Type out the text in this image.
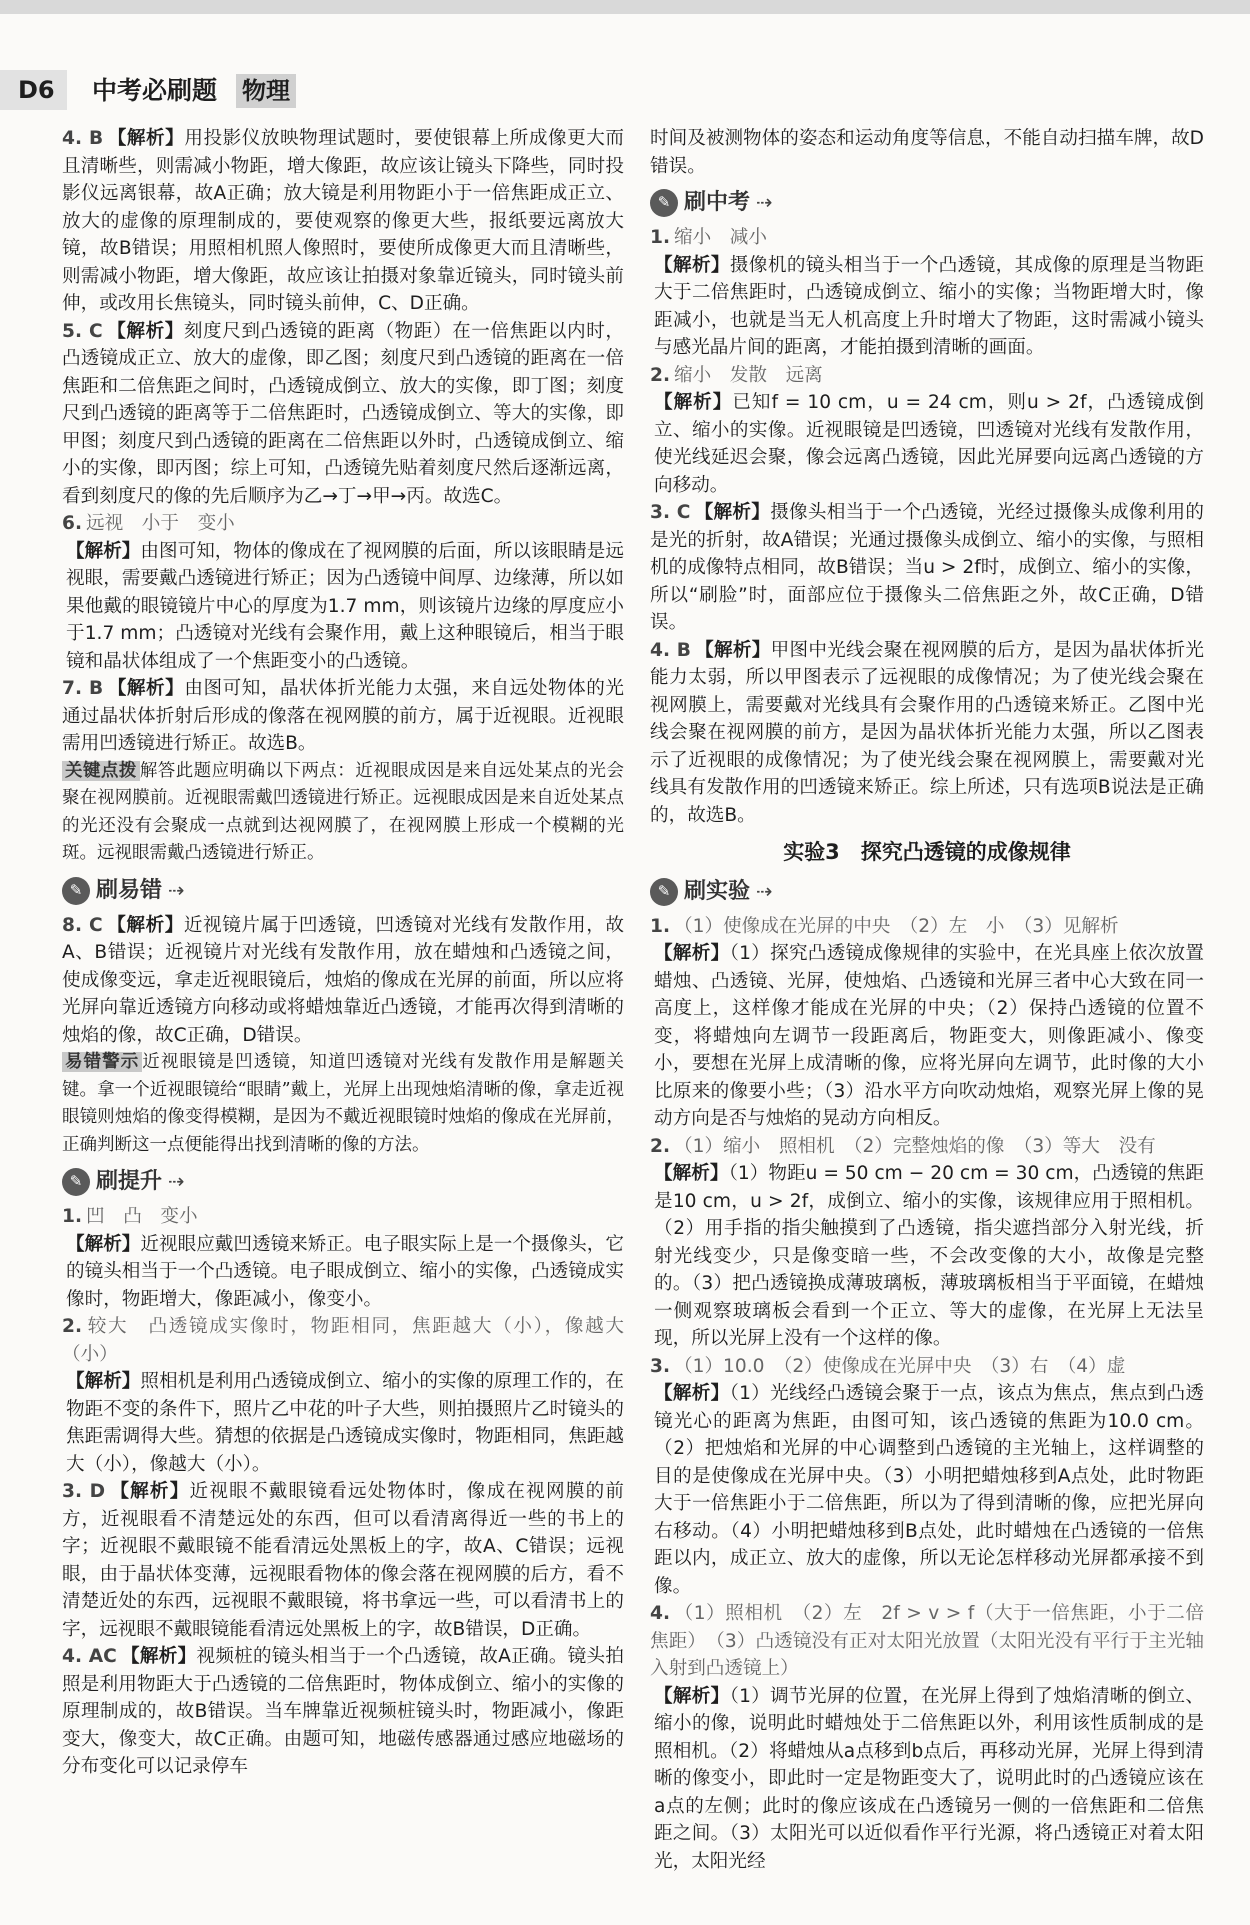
D6	中考必刷题 物理

4. B 【解析】用投影仪放映物理试题时，要使银幕上所成像更大而且清晰些，则需减小物距，增大像距，故应该让镜头下降些，同时投影仪远离银幕，故A正确；放大镜是利用物距小于一倍焦距成正立、放大的虚像的原理制成的，要使观察的像更大些，报纸要远离放大镜，故B错误；用照相机照人像照时，要使所成像更大而且清晰些，则需减小物距，增大像距，故应该让拍摄对象靠近镜头，同时镜头前伸，或改用长焦镜头，同时镜头前伸，C、D正确。

5. C 【解析】刻度尺到凸透镜的距离（物距）在一倍焦距以内时，凸透镜成正立、放大的虚像，即乙图；刻度尺到凸透镜的距离在一倍焦距和二倍焦距之间时，凸透镜成倒立、放大的实像，即丁图；刻度尺到凸透镜的距离等于二倍焦距时，凸透镜成倒立、等大的实像，即甲图；刻度尺到凸透镜的距离在二倍焦距以外时，凸透镜成倒立、缩小的实像，即丙图；综上可知，凸透镜先贴着刻度尺然后逐渐远离，看到刻度尺的像的先后顺序为乙→丁→甲→丙。故选C。

6. 远视　小于　变小

【解析】由图可知，物体的像成在了视网膜的后面，所以该眼睛是远视眼，需要戴凸透镜进行矫正；因为凸透镜中间厚、边缘薄，所以如果他戴的眼镜镜片中心的厚度为1.7 mm，则该镜片边缘的厚度应小于1.7 mm；凸透镜对光线有会聚作用，戴上这种眼镜后，相当于眼镜和晶状体组成了一个焦距变小的凸透镜。

7. B 【解析】由图可知，晶状体折光能力太强，来自远处物体的光通过晶状体折射后形成的像落在视网膜的前方，属于近视眼。近视眼需用凹透镜进行矫正。故选B。

关键点拨 解答此题应明确以下两点：近视眼成因是来自远处某点的光会聚在视网膜前。近视眼需戴凹透镜进行矫正。远视眼成因是来自近处某点的光还没有会聚成一点就到达视网膜了，在视网膜上形成一个模糊的光斑。远视眼需戴凸透镜进行矫正。

✎ 刷易错 ⇢

8. C 【解析】近视镜片属于凹透镜，凹透镜对光线有发散作用，故A、B错误；近视镜片对光线有发散作用，放在蜡烛和凸透镜之间，使成像变远，拿走近视眼镜后，烛焰的像成在光屏的前面，所以应将光屏向靠近透镜方向移动或将蜡烛靠近凸透镜，才能再次得到清晰的烛焰的像，故C正确，D错误。

易错警示 近视眼镜是凹透镜，知道凹透镜对光线有发散作用是解题关键。拿一个近视眼镜给“眼睛”戴上，光屏上出现烛焰清晰的像，拿走近视眼镜则烛焰的像变得模糊，是因为不戴近视眼镜时烛焰的像成在光屏前，正确判断这一点便能得出找到清晰的像的方法。

✎ 刷提升 ⇢

1. 凹　凸　变小

【解析】近视眼应戴凹透镜来矫正。电子眼实际上是一个摄像头，它的镜头相当于一个凸透镜。电子眼成倒立、缩小的实像，凸透镜成实像时，物距增大，像距减小，像变小。

2. 较大　凸透镜成实像时，物距相同，焦距越大（小），像越大（小）

【解析】照相机是利用凸透镜成倒立、缩小的实像的原理工作的，在物距不变的条件下，照片乙中花的叶子大些，则拍摄照片乙时镜头的焦距需调得大些。猜想的依据是凸透镜成实像时，物距相同，焦距越大（小），像越大（小）。

3. D 【解析】近视眼不戴眼镜看远处物体时，像成在视网膜的前方，近视眼看不清楚远处的东西，但可以看清离得近一些的书上的字；近视眼不戴眼镜不能看清远处黑板上的字，故A、C错误；远视眼，由于晶状体变薄，远视眼看物体的像会落在视网膜的后方，看不清楚近处的东西，远视眼不戴眼镜，将书拿远一些，可以看清书上的字，远视眼不戴眼镜能看清远处黑板上的字，故B错误，D正确。

4. AC 【解析】视频桩的镜头相当于一个凸透镜，故A正确。镜头拍照是利用物距大于凸透镜的二倍焦距时，物体成倒立、缩小的实像的原理制成的，故B错误。当车牌靠近视频桩镜头时，物距减小，像距变大，像变大，故C正确。由题可知，地磁传感器通过感应地磁场的分布变化可以记录停车

时间及被测物体的姿态和运动角度等信息，不能自动扫描车牌，故D错误。

✎ 刷中考 ⇢

1. 缩小　减小

【解析】摄像机的镜头相当于一个凸透镜，其成像的原理是当物距大于二倍焦距时，凸透镜成倒立、缩小的实像；当物距增大时，像距减小，也就是当无人机高度上升时增大了物距，这时需减小镜头与感光晶片间的距离，才能拍摄到清晰的画面。

2. 缩小　发散　远离

【解析】已知f = 10 cm，u = 24 cm，则u > 2f，凸透镜成倒立、缩小的实像。近视眼镜是凹透镜，凹透镜对光线有发散作用，使光线延迟会聚，像会远离凸透镜，因此光屏要向远离凸透镜的方向移动。

3. C 【解析】摄像头相当于一个凸透镜，光经过摄像头成像利用的是光的折射，故A错误；光通过摄像头成倒立、缩小的实像，与照相机的成像特点相同，故B错误；当u > 2f时，成倒立、缩小的实像，所以“刷脸”时，面部应位于摄像头二倍焦距之外，故C正确，D错误。

4. B 【解析】甲图中光线会聚在视网膜的后方，是因为晶状体折光能力太弱，所以甲图表示了远视眼的成像情况；为了使光线会聚在视网膜上，需要戴对光线具有会聚作用的凸透镜来矫正。乙图中光线会聚在视网膜的前方，是因为晶状体折光能力太强，所以乙图表示了近视眼的成像情况；为了使光线会聚在视网膜上，需要戴对光线具有发散作用的凹透镜来矫正。综上所述，只有选项B说法是正确的，故选B。

实验3　探究凸透镜的成像规律
✎ 刷实验 ⇢

1. （1）使像成在光屏的中央　（2）左　小　（3）见解析

【解析】（1）探究凸透镜成像规律的实验中，在光具座上依次放置蜡烛、凸透镜、光屏，使烛焰、凸透镜和光屏三者中心大致在同一高度上，这样像才能成在光屏的中央；（2）保持凸透镜的位置不变，将蜡烛向左调节一段距离后，物距变大，则像距减小、像变小，要想在光屏上成清晰的像，应将光屏向左调节，此时像的大小比原来的像要小些；（3）沿水平方向吹动烛焰，观察光屏上像的晃动方向是否与烛焰的晃动方向相反。

2. （1）缩小　照相机　（2）完整烛焰的像　（3）等大　没有

【解析】（1）物距u = 50 cm − 20 cm = 30 cm，凸透镜的焦距是10 cm，u > 2f，成倒立、缩小的实像，该规律应用于照相机。（2）用手指的指尖触摸到了凸透镜，指尖遮挡部分入射光线，折射光线变少，只是像变暗一些，不会改变像的大小，故像是完整的。（3）把凸透镜换成薄玻璃板，薄玻璃板相当于平面镜，在蜡烛一侧观察玻璃板会看到一个正立、等大的虚像，在光屏上无法呈现，所以光屏上没有一个这样的像。

3. （1）10.0　（2）使像成在光屏中央　（3）右　（4）虚

【解析】（1）光线经凸透镜会聚于一点，该点为焦点，焦点到凸透镜光心的距离为焦距，由图可知，该凸透镜的焦距为10.0 cm。（2）把烛焰和光屏的中心调整到凸透镜的主光轴上，这样调整的目的是使像成在光屏中央。（3）小明把蜡烛移到A点处，此时物距大于一倍焦距小于二倍焦距，所以为了得到清晰的像，应把光屏向右移动。（4）小明把蜡烛移到B点处，此时蜡烛在凸透镜的一倍焦距以内，成正立、放大的虚像，所以无论怎样移动光屏都承接不到像。

4. （1）照相机　（2）左　2f > v > f（大于一倍焦距，小于二倍焦距）　（3）凸透镜没有正对太阳光放置（太阳光没有平行于主光轴入射到凸透镜上）

【解析】（1）调节光屏的位置，在光屏上得到了烛焰清晰的倒立、缩小的像，说明此时蜡烛处于二倍焦距以外，利用该性质制成的是照相机。（2）将蜡烛从a点移到b点后，再移动光屏，光屏上得到清晰的像变小，即此时一定是物距变大了，说明此时的凸透镜应该在a点的左侧；此时的像应该成在凸透镜另一侧的一倍焦距和二倍焦距之间。（3）太阳光可以近似看作平行光源，将凸透镜正对着太阳光，太阳光经
